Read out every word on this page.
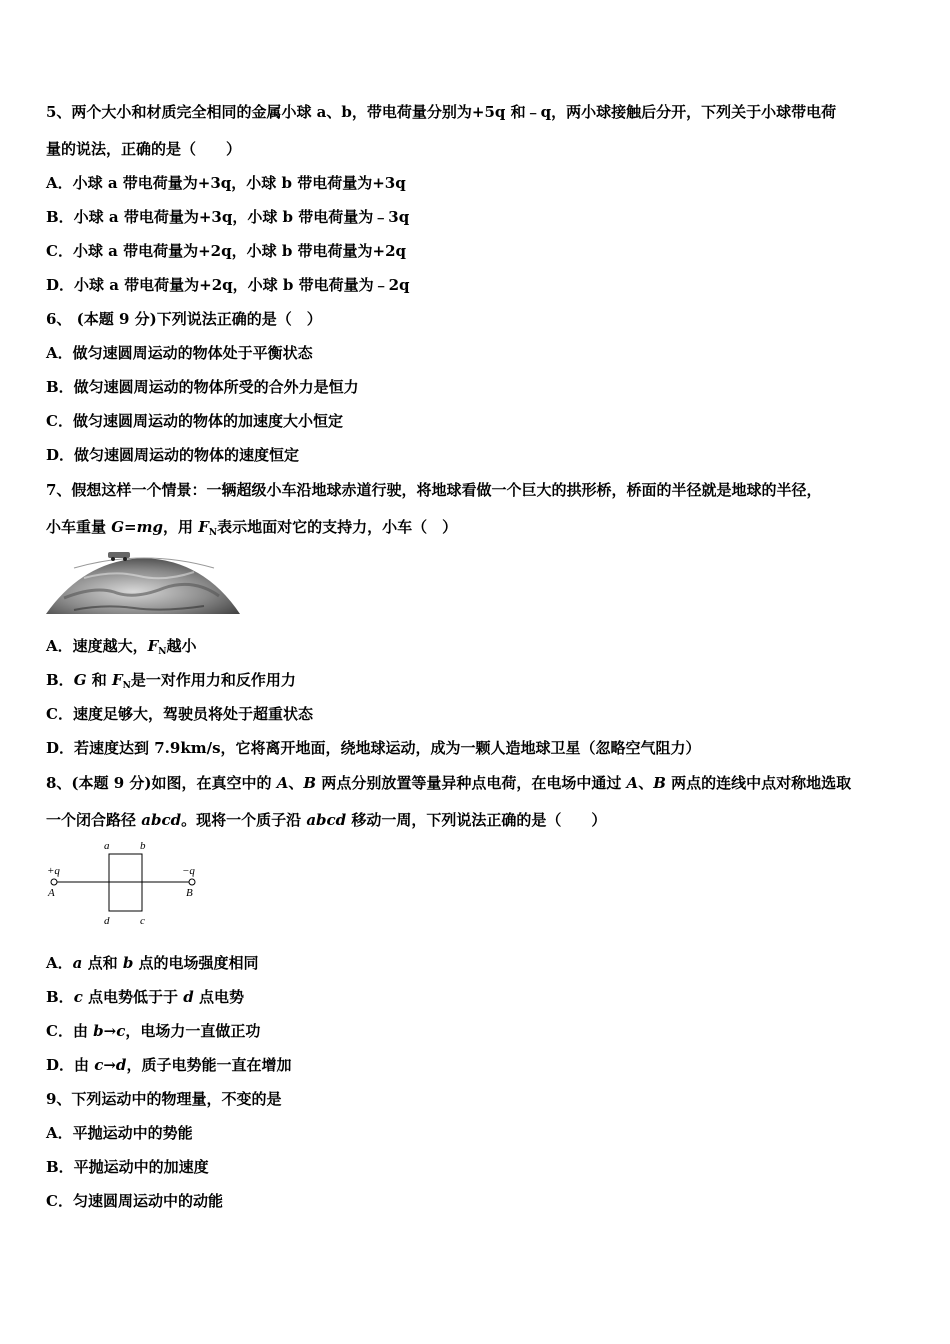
5、两个大小和材质完全相同的金属小球 a、b，带电荷量分别为+5q 和﹣q，两小球接触后分开，下列关于小球带电荷
量的说法，正确的是（　　）
A．小球 a 带电荷量为+3q，小球 b 带电荷量为+3q
B．小球 a 带电荷量为+3q，小球 b 带电荷量为﹣3q
C．小球 a 带电荷量为+2q，小球 b 带电荷量为+2q
D．小球 a 带电荷量为+2q，小球 b 带电荷量为﹣2q
6、 (本题 9 分)下列说法正确的是（　）
A．做匀速圆周运动的物体处于平衡状态
B．做匀速圆周运动的物体所受的合外力是恒力
C．做匀速圆周运动的物体的加速度大小恒定
D．做匀速圆周运动的物体的速度恒定
7、假想这样一个情景：一辆超级小车沿地球赤道行驶，将地球看做一个巨大的拱形桥，桥面的半径就是地球的半径，
小车重量 G=mg，用 $F_N$表示地面对它的支持力，小车（　）
A．速度越大，$F_N$越小
B．G 和 $F_N$是一对作用力和反作用力
C．速度足够大，驾驶员将处于超重状态
D．若速度达到 7.9km/s，它将离开地面，绕地球运动，成为一颗人造地球卫星（忽略空气阻力）
8、(本题 9 分)如图，在真空中的 A、B 两点分别放置等量异种点电荷，在电场中通过 A、B 两点的连线中点对称地选取
一个闭合路径 abcd。现将一个质子沿 abcd 移动一周，下列说法正确的是（　　）
a	b
c
d
+q	−q
A	B
A．a 点和 b 点的电场强度相同
B．c 点电势低于于 d 点电势
C．由 b→c，电场力一直做正功
D．由 c→d，质子电势能一直在增加
9、下列运动中的物理量，不变的是
A．平抛运动中的势能
B．平抛运动中的加速度
C．匀速圆周运动中的动能
